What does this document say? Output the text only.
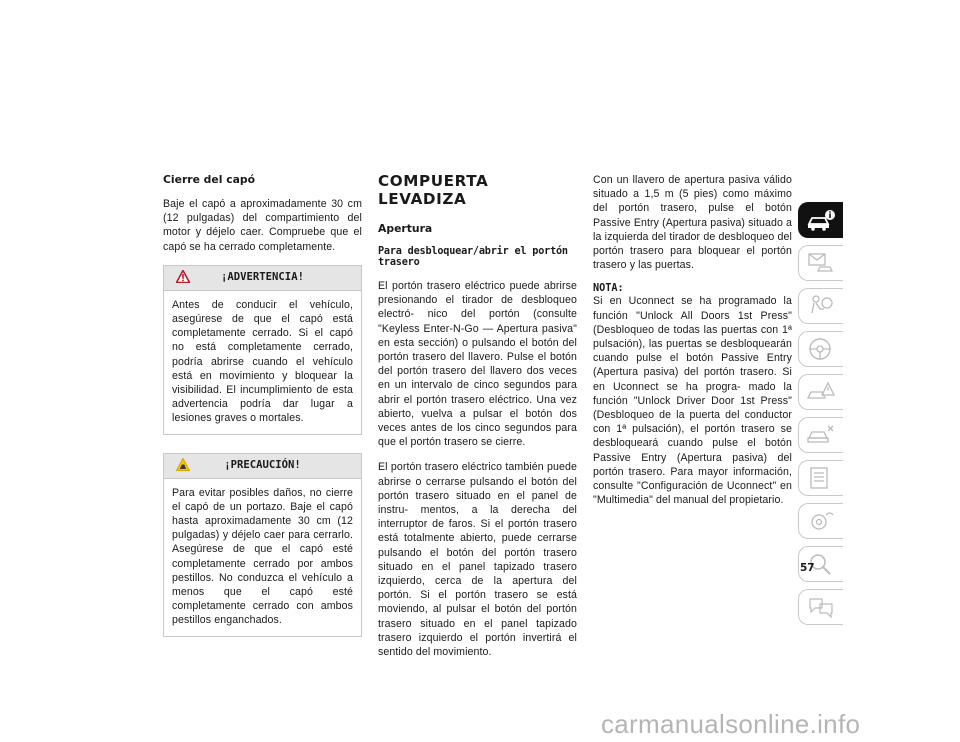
Cierre del capó

Baje el capó a aproximadamente 30 cm (12 pulgadas) del compartimiento del motor y déjelo caer. Compruebe que el capó se ha cerrado completamente.

¡ADVERTENCIA!

Antes de conducir el vehículo, asegúrese de que el capó está completamente cerrado. Si el capó no está completamente cerrado, podría abrirse cuando el vehículo está en movimiento y bloquear la visibilidad. El incumplimiento de esta advertencia podría dar lugar a lesiones graves o mortales.

¡PRECAUCIÓN!

Para evitar posibles daños, no cierre el capó de un portazo. Baje el capó hasta aproximadamente 30 cm (12 pulgadas) y déjelo caer para cerrarlo. Asegúrese de que el capó esté completamente cerrado por ambos pestillos. No conduzca el vehículo a menos que el capó esté completamente cerrado con ambos pestillos enganchados.

COMPUERTA LEVADIZA
Apertura
Para desbloquear/abrir el portón trasero

El portón trasero eléctrico puede abrirse presionando el tirador de desbloqueo electró- nico del portón (consulte "Keyless Enter-N-Go — Apertura pasiva" en esta sección) o pulsando el botón del portón trasero del llavero. Pulse el botón del portón trasero del llavero dos veces en un intervalo de cinco segundos para abrir el portón trasero eléctrico. Una vez abierto, vuelva a pulsar el botón dos veces antes de los cinco segundos para que el portón trasero se cierre.

El portón trasero eléctrico también puede abrirse o cerrarse pulsando el botón del portón trasero situado en el panel de instru- mentos, a la derecha del interruptor de faros. Si el portón trasero está totalmente abierto, puede cerrarse pulsando el botón del portón trasero situado en el panel tapizado trasero izquierdo, cerca de la apertura del portón. Si el portón trasero se está moviendo, al pulsar el botón del portón trasero situado en el panel tapizado trasero izquierdo el portón invertirá el sentido del movimiento.

Con un llavero de apertura pasiva válido situado a 1,5 m (5 pies) como máximo del portón trasero, pulse el botón Passive Entry (Apertura pasiva) situado a la izquierda del tirador de desbloqueo del portón trasero para bloquear el portón trasero y las puertas.

NOTA:

Si en Uconnect se ha programado la función "Unlock All Doors 1st Press" (Desbloqueo de todas las puertas con 1ª pulsación), las puertas se desbloquearán cuando pulse el botón Passive Entry (Apertura pasiva) del portón trasero. Si en Uconnect se ha progra- mado la función "Unlock Driver Door 1st Press" (Desbloqueo de la puerta del conductor con 1ª pulsación), el portón trasero se desbloqueará cuando pulse el botón Passive Entry (Apertura pasiva) del portón trasero. Para mayor información, consulte "Configuración de Uconnect" en "Multimedia" del manual del propietario.

57
carmanualsonline.info
